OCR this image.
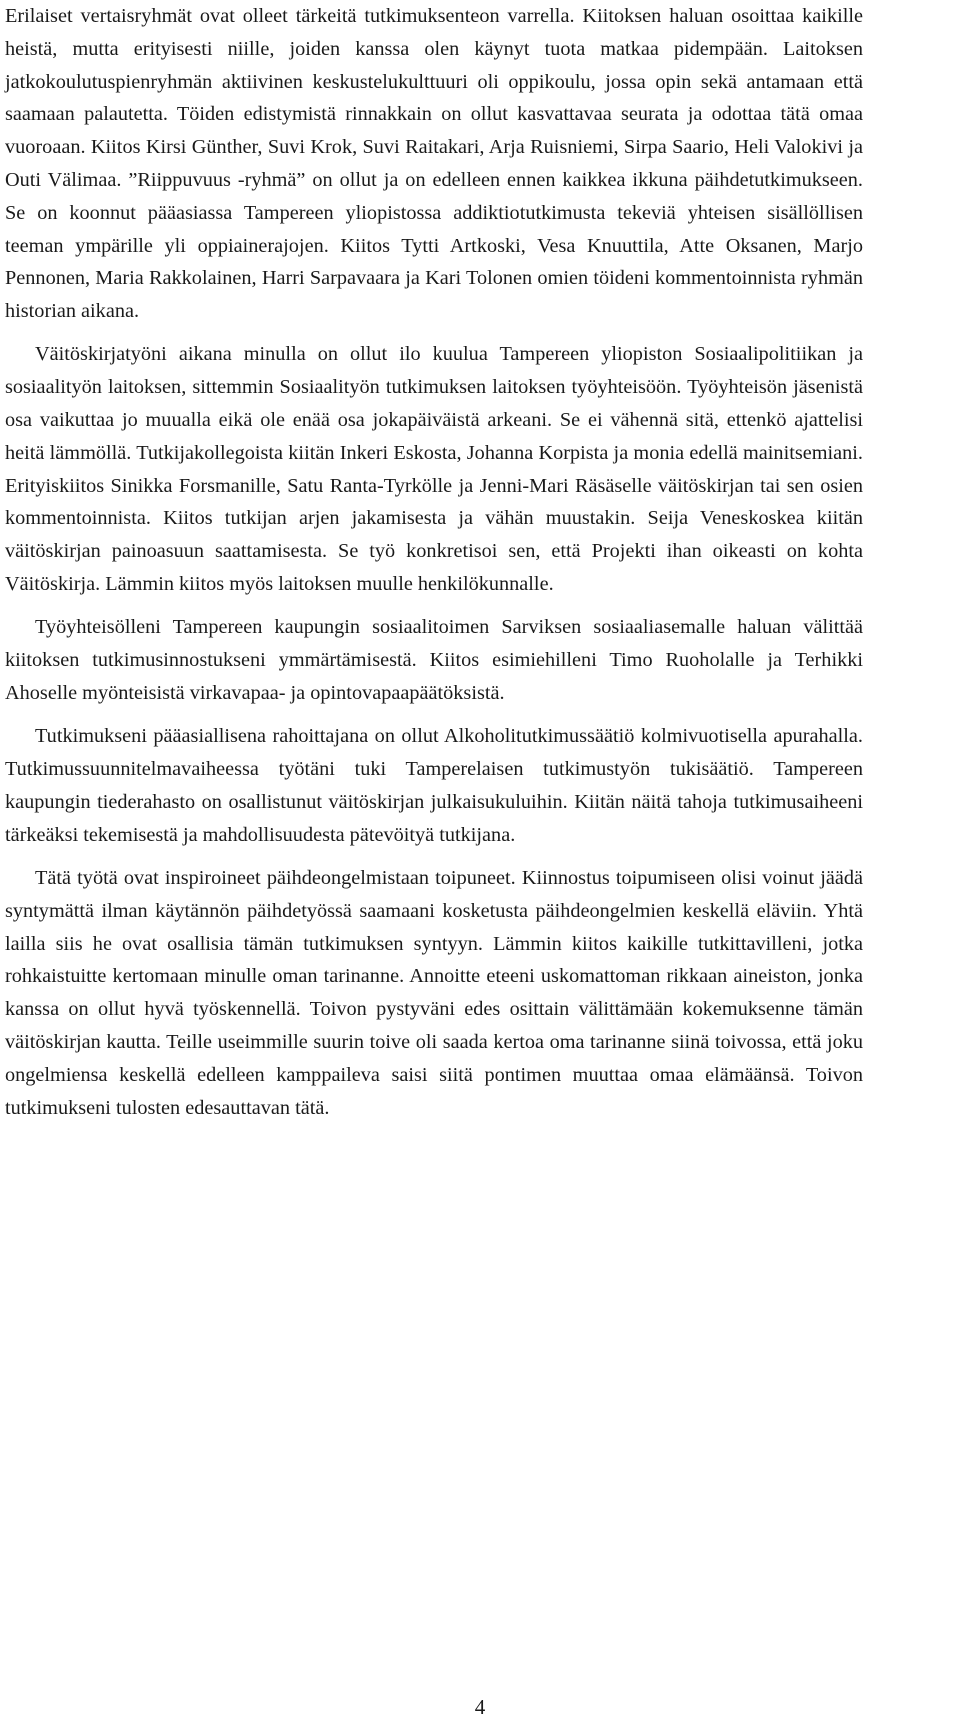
Erilaiset vertaisryhmät ovat olleet tärkeitä tutkimuksenteon varrella. Kiitoksen haluan osoittaa kaikille heistä, mutta erityisesti niille, joiden kanssa olen käynyt tuota matkaa pidempään. Laitoksen jatkokoulutuspienryhmän aktiivinen keskustelukulttuuri oli oppikoulu, jossa opin sekä antamaan että saamaan palautetta. Töiden edistymistä rinnakkain on ollut kasvattavaa seurata ja odottaa tätä omaa vuoroaan. Kiitos Kirsi Günther, Suvi Krok, Suvi Raitakari, Arja Ruisniemi, Sirpa Saario, Heli Valokivi ja Outi Välimaa. ”Riippuvuus -ryhmä” on ollut ja on edelleen ennen kaikkea ikkuna päihdetutkimukseen. Se on koonnut pääasiassa Tampereen yliopistossa addiktiotutkimusta tekeviä yhteisen sisällöllisen teeman ympärille yli oppiainerajojen. Kiitos Tytti Artkoski, Vesa Knuuttila, Atte Oksanen, Marjo Pennonen, Maria Rakkolainen, Harri Sarpavaara ja Kari Tolonen omien töideni kommentoinnista ryhmän historian aikana.

Väitöskirjatyöni aikana minulla on ollut ilo kuulua Tampereen yliopiston Sosiaalipolitiikan ja sosiaalityön laitoksen, sittemmin Sosiaalityön tutkimuksen laitoksen työyhteisöön. Työyhteisön jäsenistä osa vaikuttaa jo muualla eikä ole enää osa jokapäiväistä arkeani. Se ei vähennä sitä, ettenkö ajattelisi heitä lämmöllä. Tutkijakollegoista kiitän Inkeri Eskosta, Johanna Korpista ja monia edellä mainitsemiani. Erityiskiitos Sinikka Forsmanille, Satu Ranta-Tyrkölle ja Jenni-Mari Räsäselle väitöskirjan tai sen osien kommentoinnista. Kiitos tutkijan arjen jakamisesta ja vähän muustakin. Seija Veneskoskea kiitän väitöskirjan painoasuun saattamisesta. Se työ konkretisoi sen, että Projekti ihan oikeasti on kohta Väitöskirja. Lämmin kiitos myös laitoksen muulle henkilökunnalle.

Työyhteisölleni Tampereen kaupungin sosiaalitoimen Sarviksen sosiaaliasemalle haluan välittää kiitoksen tutkimusinnostukseni ymmärtämisestä. Kiitos esimiehilleni Timo Ruoholalle ja Terhikki Ahoselle myönteisistä virkavapaa- ja opintovapaapäätöksistä.

Tutkimukseni pääasiallisena rahoittajana on ollut Alkoholitutkimussäätiö kolmivuotisella apurahalla. Tutkimussuunnitelmavaiheessa työtäni tuki Tamperelaisen tutkimustyön tukisäätiö. Tampereen kaupungin tiederahasto on osallistunut väitöskirjan julkaisukuluihin. Kiitän näitä tahoja tutkimusaiheeni tärkeäksi tekemisestä ja mahdollisuudesta pätevöityä tutkijana.

Tätä työtä ovat inspiroineet päihdeongelmistaan toipuneet. Kiinnostus toipumiseen olisi voinut jäädä syntymättä ilman käytännön päihdetyössä saamaani kosketusta päihdeongelmien keskellä eläviin. Yhtä lailla siis he ovat osallisia tämän tutkimuksen syntyyn. Lämmin kiitos kaikille tutkittavilleni, jotka rohkaistuitte kertomaan minulle oman tarinanne. Annoitte eteeni uskomattoman rikkaan aineiston, jonka kanssa on ollut hyvä työskennellä. Toivon pystyväni edes osittain välittämään kokemuksenne tämän väitöskirjan kautta. Teille useimmille suurin toive oli saada kertoa oma tarinanne siinä toivossa, että joku ongelmiensa keskellä edelleen kamppaileva saisi siitä pontimen muuttaa omaa elämäänsä. Toivon tutkimukseni tulosten edesauttavan tätä.

4
